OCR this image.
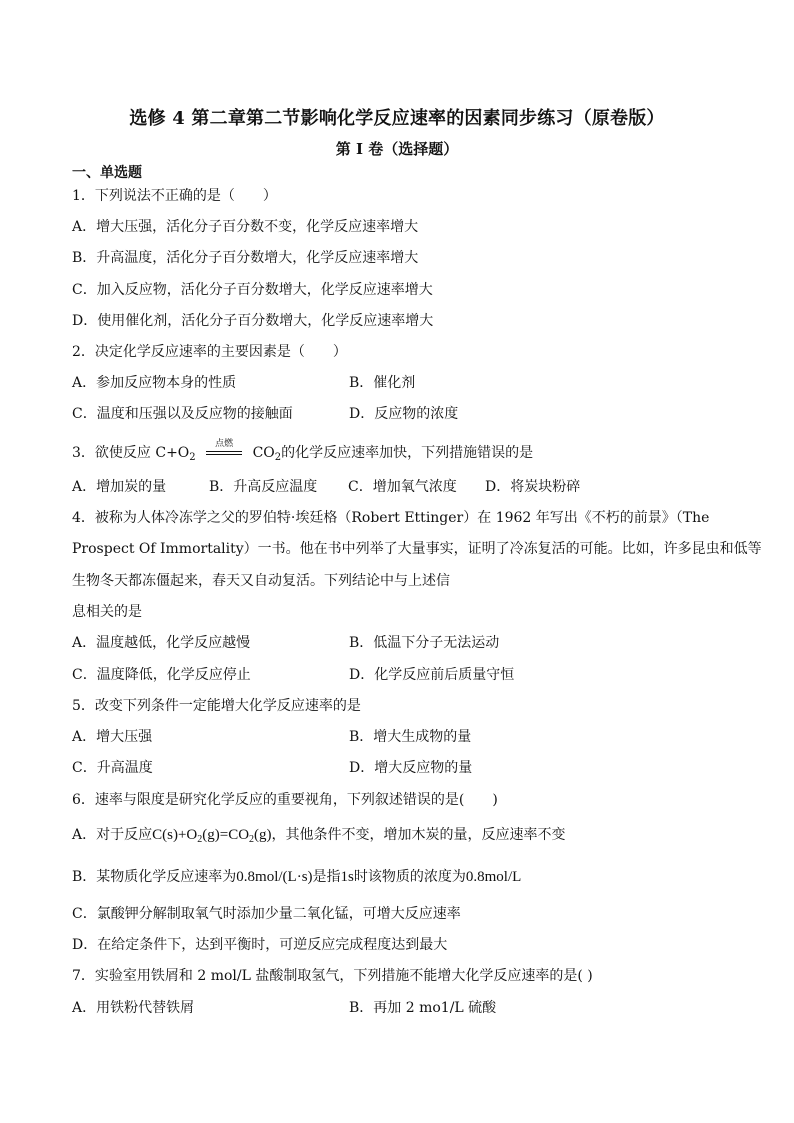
选修 4 第二章第二节影响化学反应速率的因素同步练习（原卷版）
第 I 卷（选择题）
一、单选题
1．下列说法不正确的是（　　）
A．增大压强，活化分子百分数不变，化学反应速率增大
B．升高温度，活化分子百分数增大，化学反应速率增大
C．加入反应物，活化分子百分数增大，化学反应速率增大
D．使用催化剂，活化分子百分数增大，化学反应速率增大
2．决定化学反应速率的主要因素是（　　）
A．参加反应物本身的性质	B．催化剂
C．温度和压强以及反应物的接触面	D．反应物的浓度
3．欲使反应 $C+O_2$
点燃
$CO_2$的化学反应速率加快，下列措施错误的是
A．增加炭的量	B．升高反应温度 C．增加氧气浓度 D．将炭块粉碎
4．被称为人体冷冻学之父的罗伯特·埃廷格（Robert Ettinger）在 1962 年写出《不朽的前景》（The
Prospect Of Immortality）一书。他在书中列举了大量事实，证明了冷冻复活的可能。比如，许多昆虫和低等
生物冬天都冻僵起来，春天又自动复活。下列结论中与上述信
息相关的是
A．温度越低，化学反应越慢	B．低温下分子无法运动
C．温度降低，化学反应停止	D．化学反应前后质量守恒
5．改变下列条件一定能增大化学反应速率的是
A．增大压强	B．增大生成物的量
C．升高温度	D．增大反应物的量
6．速率与限度是研究化学反应的重要视角，下列叙述错误的是(　　)
A．对于反应$C(s)+O_2(g)=CO_2(g)$，其他条件不变，增加木炭的量，反应速率不变
B．某物质化学反应速率为0.8mol/(L·s)是指1s时该物质的浓度为0.8mol/L
C．氯酸钾分解制取氧气时添加少量二氧化锰，可增大反应速率
D．在给定条件下，达到平衡时，可逆反应完成程度达到最大
7．实验室用铁屑和 2 mol/L 盐酸制取氢气，下列措施不能增大化学反应速率的是( )
A．用铁粉代替铁屑	B．再加 2 mo1/L 硫酸
